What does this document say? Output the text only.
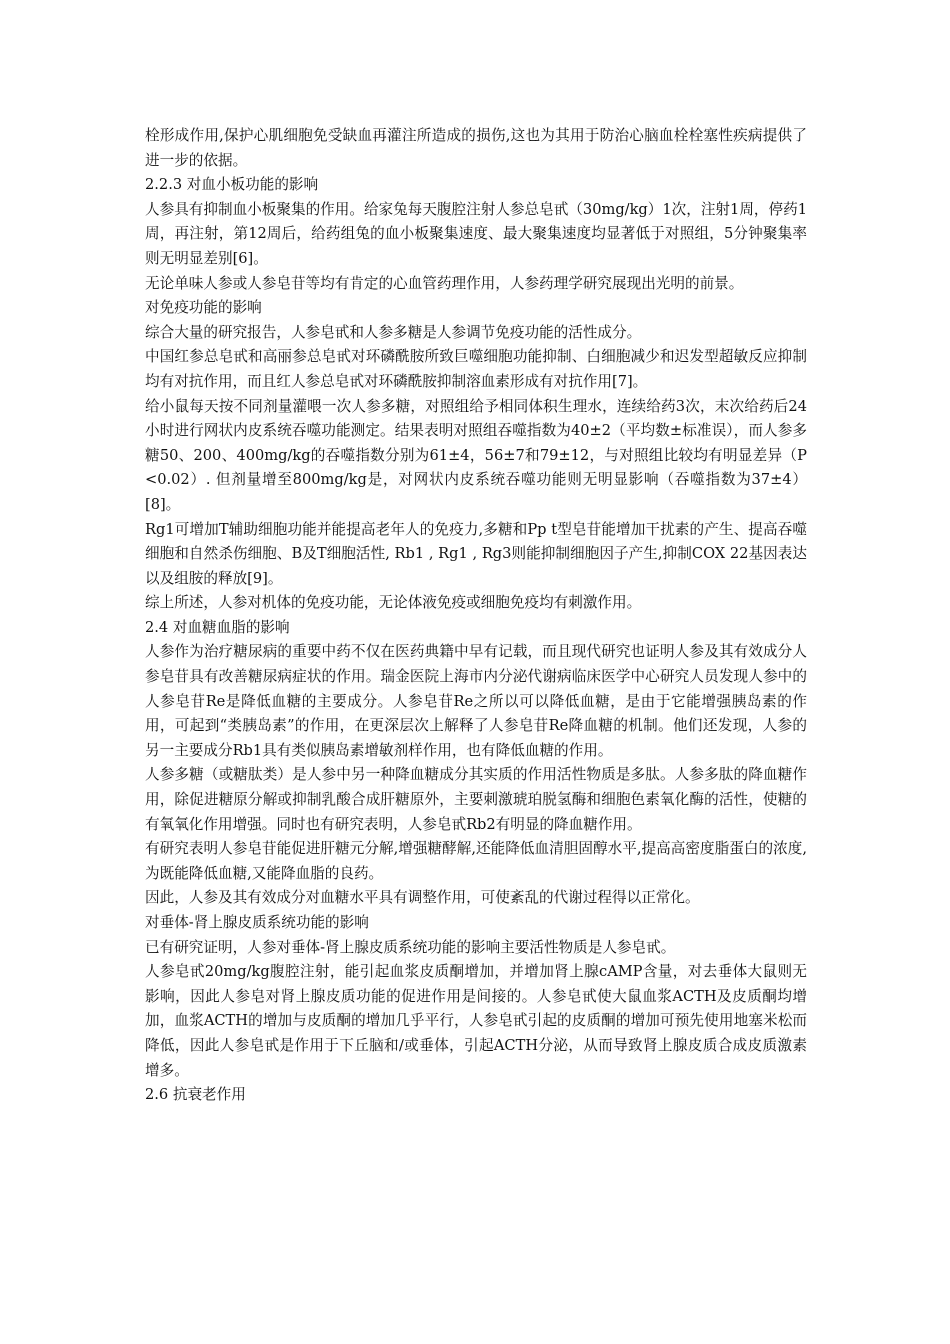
栓形成作用,保护心肌细胞免受缺血再灌注所造成的损伤,这也为其用于防治心脑血栓栓塞性疾病提供了进一步的依据。

2.2.3 对血小板功能的影响

人参具有抑制血小板聚集的作用。给家兔每天腹腔注射人参总皂甙（30mg/kg）1次，注射1周，停药1周，再注射，第12周后，给药组兔的血小板聚集速度、最大聚集速度均显著低于对照组，5分钟聚集率则无明显差别[6]。

无论单味人参或人参皂苷等均有肯定的心血管药理作用，人参药理学研究展现出光明的前景。

对免疫功能的影响

综合大量的研究报告，人参皂甙和人参多糖是人参调节免疫功能的活性成分。

中国红参总皂甙和高丽参总皂甙对环磷酰胺所致巨噬细胞功能抑制、白细胞减少和迟发型超敏反应抑制均有对抗作用，而且红人参总皂甙对环磷酰胺抑制溶血素形成有对抗作用[7]。

给小鼠每天按不同剂量灌喂一次人参多糖，对照组给予相同体积生理水，连续给药3次，末次给药后24小时进行网状内皮系统吞噬功能测定。结果表明对照组吞噬指数为40±2（平均数±标准误），而人参多糖50、200、400mg/kg的吞噬指数分别为61±4，56±7和79±12，与对照组比较均有明显差异（P<0.02）. 但剂量增至800mg/kg是，对网状内皮系统吞噬功能则无明显影响（吞噬指数为37±4） [8]。

Rg1可增加T辅助细胞功能并能提高老年人的免疫力,多糖和Pp t型皂苷能增加干扰素的产生、提高吞噬细胞和自然杀伤细胞、B及T细胞活性, Rb1 , Rg1 , Rg3则能抑制细胞因子产生,抑制COX 22基因表达以及组胺的释放[9]。

综上所述，人参对机体的免疫功能，无论体液免疫或细胞免疫均有刺激作用。

2.4 对血糖血脂的影响

人参作为治疗糖尿病的重要中药不仅在医药典籍中早有记载，而且现代研究也证明人参及其有效成分人参皂苷具有改善糖尿病症状的作用。瑞金医院上海市内分泌代谢病临床医学中心研究人员发现人参中的人参皂苷Re是降低血糖的主要成分。人参皂苷Re之所以可以降低血糖，是由于它能增强胰岛素的作用，可起到“类胰岛素”的作用，在更深层次上解释了人参皂苷Re降血糖的机制。他们还发现，人参的另一主要成分Rb1具有类似胰岛素增敏剂样作用，也有降低血糖的作用。

人参多糖（或糖肽类）是人参中另一种降血糖成分其实质的作用活性物质是多肽。人参多肽的降血糖作用，除促进糖原分解或抑制乳酸合成肝糖原外，主要刺激琥珀脱氢酶和细胞色素氧化酶的活性，使糖的有氧氧化作用增强。同时也有研究表明，人参皂甙Rb2有明显的降血糖作用。

有研究表明人参皂苷能促进肝糖元分解,增强糖酵解,还能降低血清胆固醇水平,提高高密度脂蛋白的浓度,为既能降低血糖,又能降血脂的良药。

因此，人参及其有效成分对血糖水平具有调整作用，可使紊乱的代谢过程得以正常化。

对垂体-肾上腺皮质系统功能的影响

已有研究证明，人参对垂体-肾上腺皮质系统功能的影响主要活性物质是人参皂甙。

人参皂甙20mg/kg腹腔注射，能引起血浆皮质酮增加，并增加肾上腺cAMP含量，对去垂体大鼠则无影响，因此人参皂对肾上腺皮质功能的促进作用是间接的。人参皂甙使大鼠血浆ACTH及皮质酮均增加，血浆ACTH的增加与皮质酮的增加几乎平行，人参皂甙引起的皮质酮的增加可预先使用地塞米松而降低，因此人参皂甙是作用于下丘脑和/或垂体，引起ACTH分泌，从而导致肾上腺皮质合成皮质激素增多。

2.6 抗衰老作用
